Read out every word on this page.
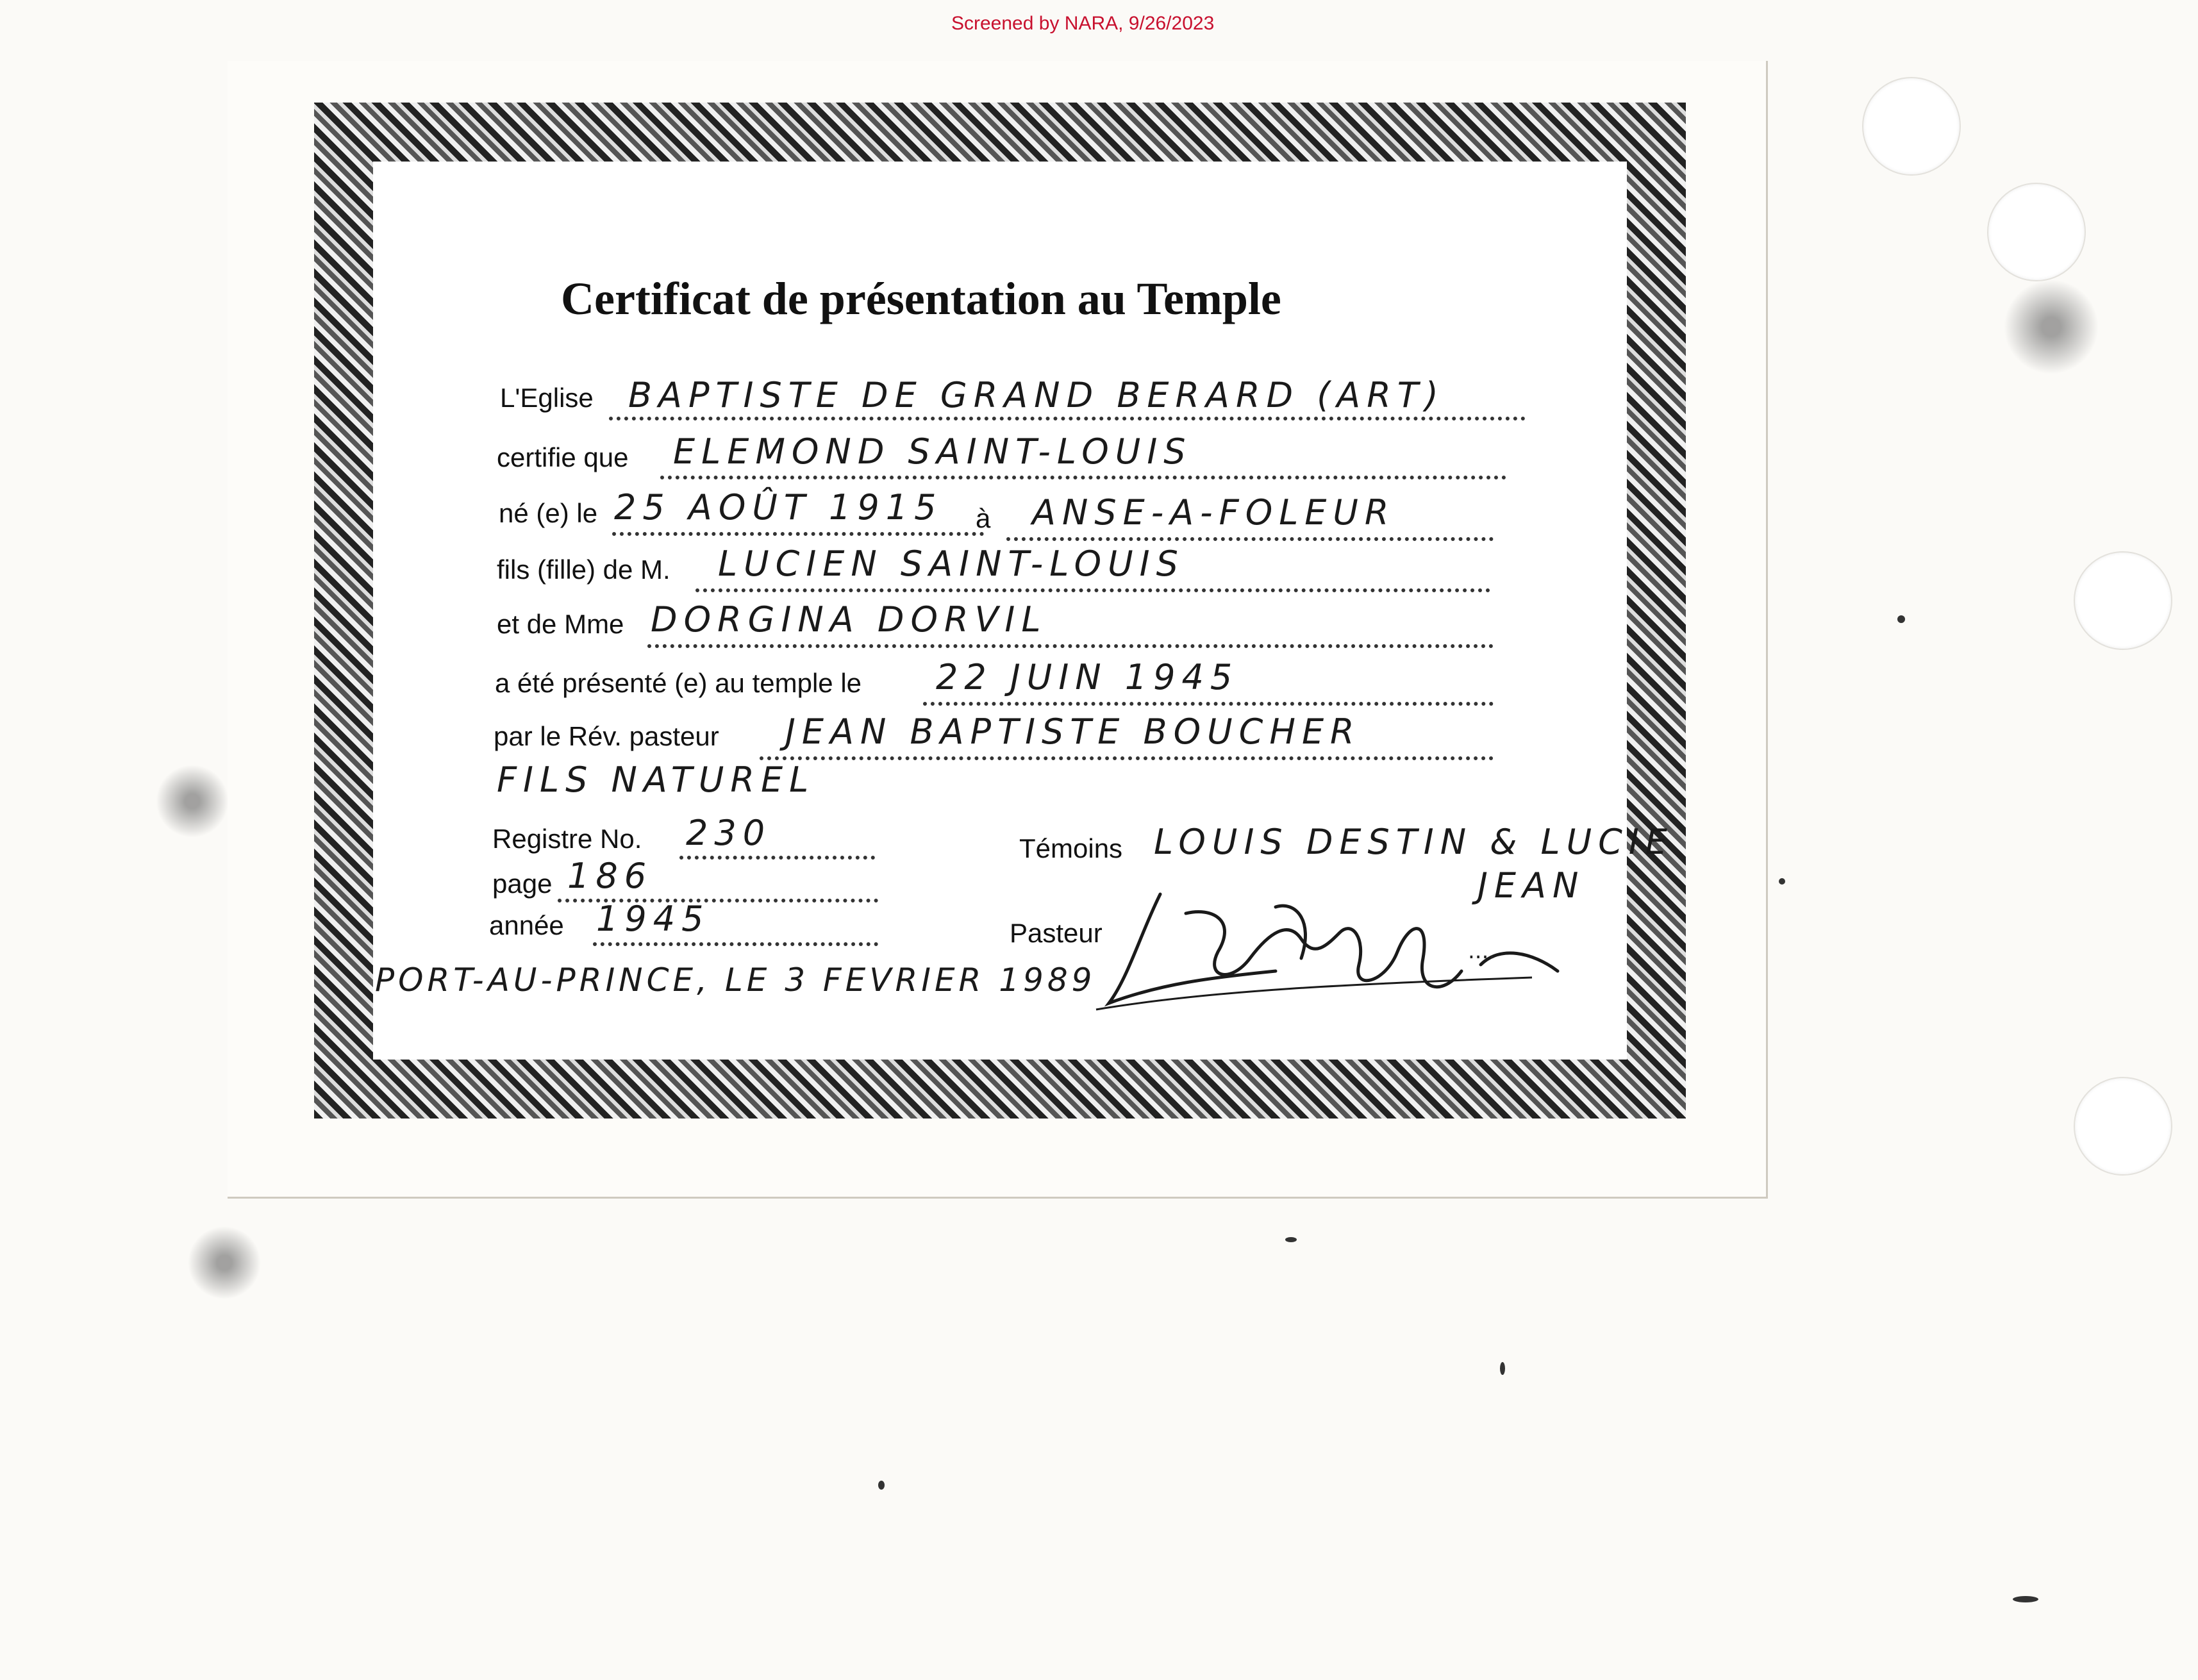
Screened by NARA, 9/26/2023
Certificat de présentation au Temple
L'Eglise BAPTISTE DE GRAND BERARD (ART)
certifie que ELEMOND SAINT-LOUIS
né (e) le 25 AOÛT 1915 à ANSE-A-FOLEUR
fils (fille) de M. LUCIEN SAINT-LOUIS
et de Mme DORGINA DORVIL
a été présenté (e) au temple le 22 JUIN 1945
par le Rév. pasteur JEAN BAPTISTE BOUCHER
FILS NATUREL
Registre No. 230
page 186
année 1945
Témoins LOUIS DESTIN & LUCIE
JEAN
Pasteur
....
PORT-AU-PRINCE, LE 3 FEVRIER 1989
